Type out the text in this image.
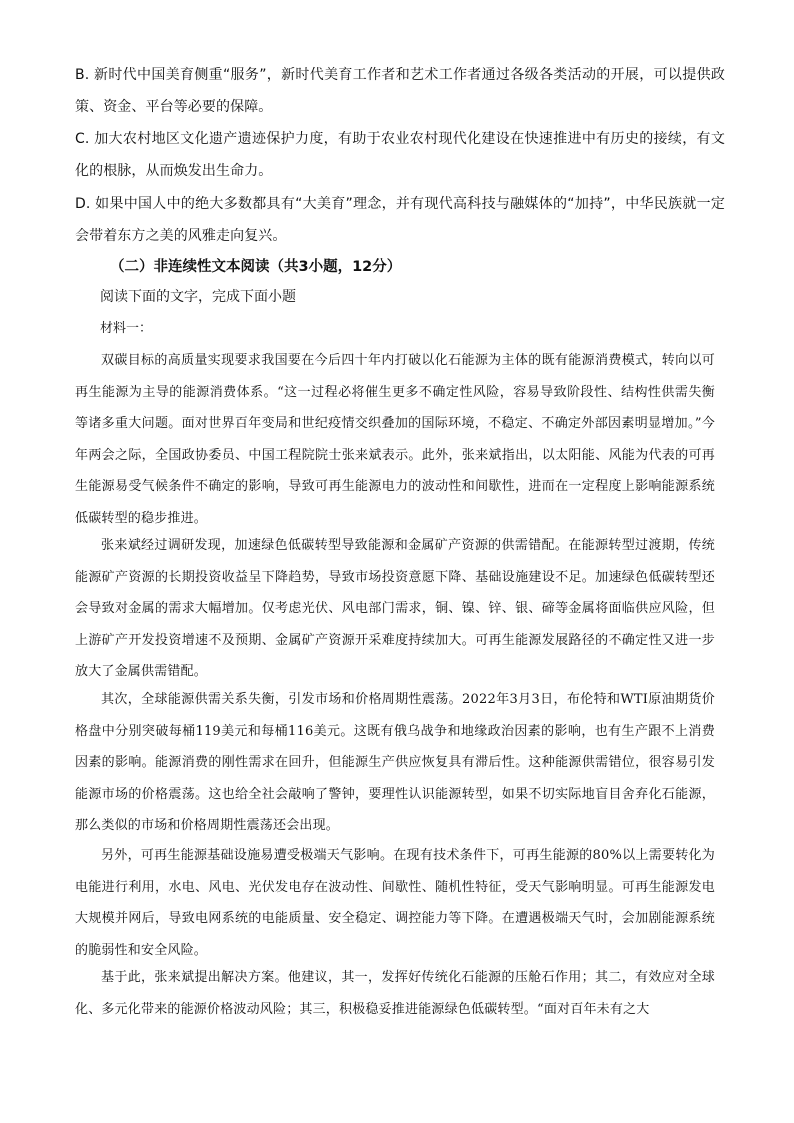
B. 新时代中国美育侧重“服务”，新时代美育工作者和艺术工作者通过各级各类活动的开展，可以提供政策、资金、平台等必要的保障。
C. 加大农村地区文化遗产遗迹保护力度，有助于农业农村现代化建设在快速推进中有历史的接续，有文化的根脉，从而焕发出生命力。
D. 如果中国人中的绝大多数都具有“大美育”理念，并有现代高科技与融媒体的“加持”，中华民族就一定会带着东方之美的风雅走向复兴。
（二）非连续性文本阅读（共3小题，12分）
阅读下面的文字，完成下面小题
材料一：
双碳目标的高质量实现要求我国要在今后四十年内打破以化石能源为主体的既有能源消费模式，转向以可再生能源为主导的能源消费体系。“这一过程必将催生更多不确定性风险，容易导致阶段性、结构性供需失衡等诸多重大问题。面对世界百年变局和世纪疫情交织叠加的国际环境，不稳定、不确定外部因素明显增加。”今年两会之际，全国政协委员、中国工程院院士张来斌表示。此外，张来斌指出，以太阳能、风能为代表的可再生能源易受气候条件不确定的影响，导致可再生能源电力的波动性和间歇性，进而在一定程度上影响能源系统低碳转型的稳步推进。
张来斌经过调研发现，加速绿色低碳转型导致能源和金属矿产资源的供需错配。在能源转型过渡期，传统能源矿产资源的长期投资收益呈下降趋势，导致市场投资意愿下降、基础设施建设不足。加速绿色低碳转型还会导致对金属的需求大幅增加。仅考虑光伏、风电部门需求，铜、镍、锌、银、碲等金属将面临供应风险，但上游矿产开发投资增速不及预期、金属矿产资源开采难度持续加大。可再生能源发展路径的不确定性又进一步放大了金属供需错配。
其次，全球能源供需关系失衡，引发市场和价格周期性震荡。2022年3月3日，布伦特和WTI原油期货价格盘中分别突破每桶119美元和每桶116美元。这既有俄乌战争和地缘政治因素的影响，也有生产跟不上消费因素的影响。能源消费的刚性需求在回升，但能源生产供应恢复具有滞后性。这种能源供需错位，很容易引发能源市场的价格震荡。这也给全社会敲响了警钟，要理性认识能源转型，如果不切实际地盲目舍弃化石能源，那么类似的市场和价格周期性震荡还会出现。
另外，可再生能源基础设施易遭受极端天气影响。在现有技术条件下，可再生能源的80%以上需要转化为电能进行利用，水电、风电、光伏发电存在波动性、间歇性、随机性特征，受天气影响明显。可再生能源发电大规模并网后，导致电网系统的电能质量、安全稳定、调控能力等下降。在遭遇极端天气时，会加剧能源系统的脆弱性和安全风险。
基于此，张来斌提出解决方案。他建议，其一，发挥好传统化石能源的压舱石作用；其二，有效应对全球化、多元化带来的能源价格波动风险；其三，积极稳妥推进能源绿色低碳转型。“面对百年未有之大
